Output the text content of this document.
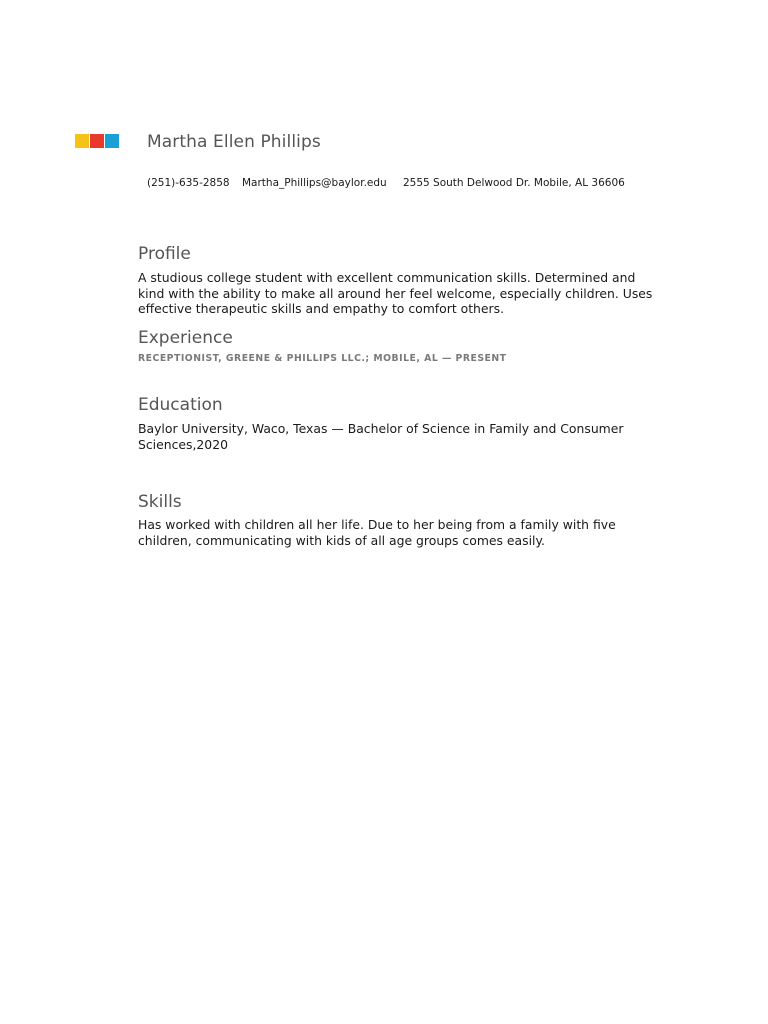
Martha Ellen Phillips
(251)-635-2858	Martha_Phillips@baylor.edu	2555 South Delwood Dr. Mobile, AL 36606
Profile

A studious college student with excellent communication skills. Determined and kind with the ability to make all around her feel welcome, especially children. Uses effective therapeutic skills and empathy to comfort others.

Experience

RECEPTIONIST, GREENE & PHILLIPS LLC.; MOBILE, AL — PRESENT

Education

Baylor University, Waco, Texas — Bachelor of Science in Family and Consumer Sciences,2020

Skills

Has worked with children all her life. Due to her being from a family with five children, communicating with kids of all age groups comes easily.
